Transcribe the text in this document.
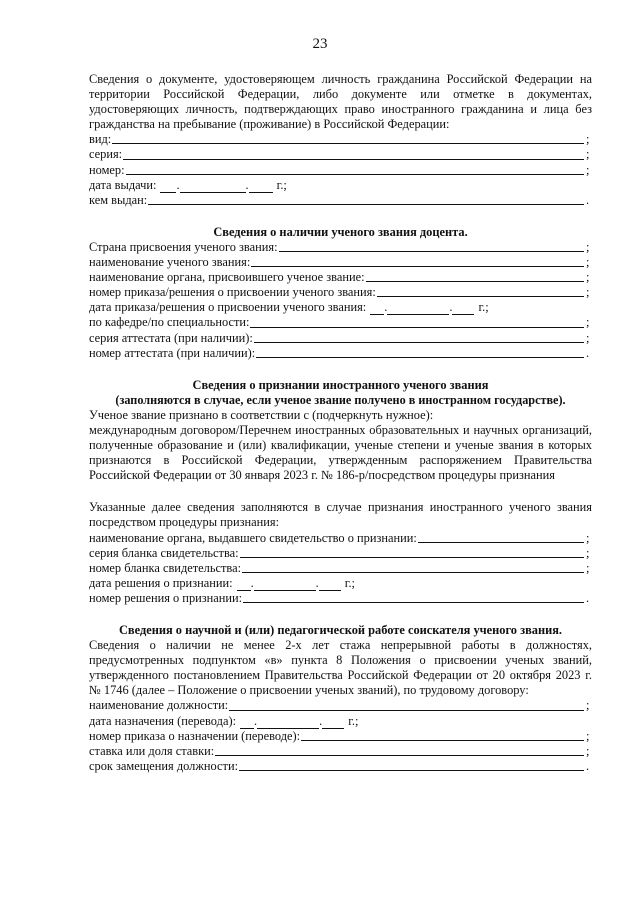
23

Сведения о документе, удостоверяющем личность гражданина Российской Федерации на территории Российской Федерации, либо документе или отметке в документах, удостоверяющих личность, подтверждающих право иностранного гражданина и лица без гражданства на пребывание (проживание) в Российской Федерации:

вид:	;
серия:	;
номер:	;
дата выдачи: .	. г.;
кем выдан:	.

Сведения о наличии ученого звания доцента.

Страна присвоения ученого звания:	;
наименование ученого звания:	;
наименование органа, присвоившего ученое звание:	;
номер приказа/решения о присвоении ученого звания:	;
дата приказа/решения о присвоении ученого звания: .	. г.;
по кафедре/по специальности:	;
серия аттестата (при наличии):	;
номер аттестата (при наличии):	.

Сведения о признании иностранного ученого звания

(заполняются в случае, если ученое звание получено в иностранном государстве).

Ученое звание признано в соответствии с (подчеркнуть нужное):

международным договором/Перечнем иностранных образовательных и научных организаций, полученные образование и (или) квалификации, ученые степени и ученые звания в которых признаются в Российской Федерации, утвержденным распоряжением Правительства Российской Федерации от 30 января 2023 г. № 186-р/посредством процедуры признания

Указанные далее сведения заполняются в случае признания иностранного ученого звания посредством процедуры признания:

наименование органа, выдавшего свидетельство о признании:	;
серия бланка свидетельства:	;
номер бланка свидетельства:	;
дата решения о признании: .	. г.;
номер решения о признании:	.

Сведения о научной и (или) педагогической работе соискателя ученого звания.

Сведения о наличии не менее 2-х лет стажа непрерывной работы в должностях, предусмотренных подпунктом «в» пункта 8 Положения о присвоении ученых званий, утвержденного постановлением Правительства Российской Федерации от 20 октября 2023 г. № 1746 (далее – Положение о присвоении ученых званий), по трудовому договору:

наименование должности:	;
дата назначения (перевода): .	. г.;
номер приказа о назначении (переводе):	;
ставка или доля ставки:	;
срок замещения должности:	.
